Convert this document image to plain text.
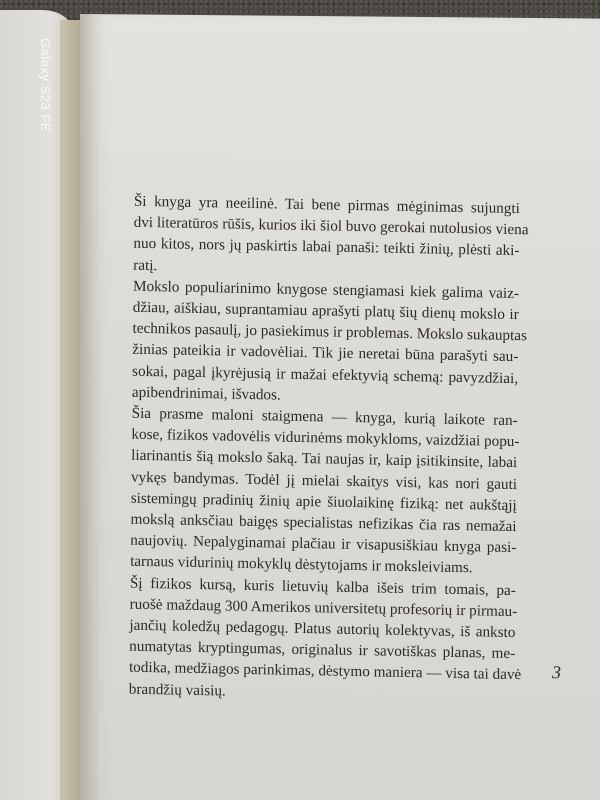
Galaxy S23 FE

Ši knyga yra neeilinė. Tai bene pirmas mėginimas sujungti
dvi literatūros rūšis, kurios iki šiol buvo gerokai nutolusios viena
nuo kitos, nors jų paskirtis labai panaši: teikti žinių, plėsti aki-
ratį.

Mokslo populiarinimo knygose stengiamasi kiek galima vaiz-
džiau, aiškiau, suprantamiau aprašyti platų šių dienų mokslo ir
technikos pasaulį, jo pasiekimus ir problemas. Mokslo sukauptas
žinias pateikia ir vadovėliai. Tik jie neretai būna parašyti sau-
sokai, pagal įkyrėjusią ir mažai efektyvią schemą: pavyzdžiai,
apibendrinimai, išvados.

Šia prasme maloni staigmena — knyga, kurią laikote ran-
kose, fizikos vadovėlis vidurinėms mokykloms, vaizdžiai popu-
liarinantis šią mokslo šaką. Tai naujas ir, kaip įsitikinsite, labai
vykęs bandymas. Todėl jį mielai skaitys visi, kas nori gauti
sistemingų pradinių žinių apie šiuolaikinę fiziką: net aukštąjį
mokslą anksčiau baigęs specialistas nefizikas čia ras nemažai
naujovių. Nepalyginamai plačiau ir visapusiškiau knyga pasi-
tarnaus vidurinių mokyklų dėstytojams ir moksleiviams.

Šį fizikos kursą, kuris lietuvių kalba išeis trim tomais, pa-
ruošė maždaug 300 Amerikos universitetų profesorių ir pirmau-
jančių koledžų pedagogų. Platus autorių kolektyvas, iš anksto
numatytas kryptingumas, originalus ir savotiškas planas, me-
todika, medžiagos parinkimas, dėstymo maniera — visa tai davė
brandžių vaisių.

3
